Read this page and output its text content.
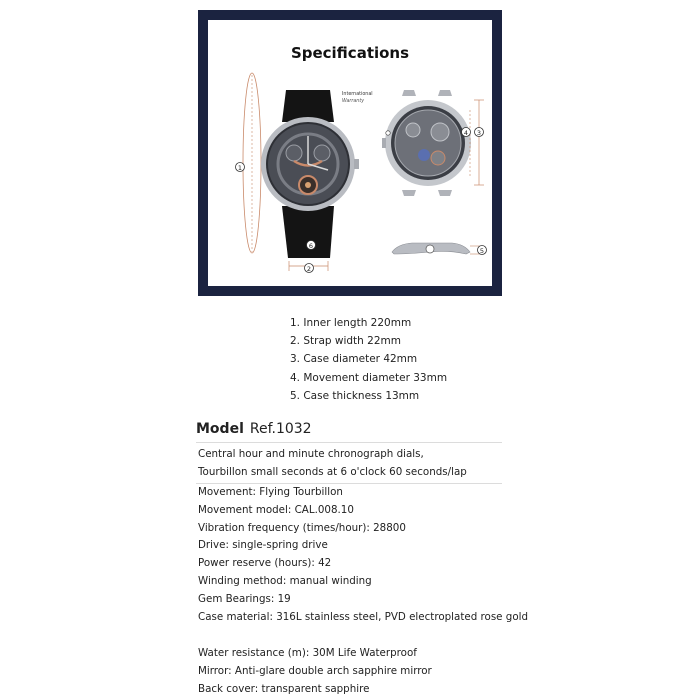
Specifications
1
6
2
International
Warranty
3
4
5
1. Inner length 220mm
2. Strap width 22mm
3. Case diameter 42mm
4. Movement diameter 33mm
5. Case thickness 13mm
Model Ref.1032
Central hour and minute chronograph dials,
Tourbillon small seconds at 6 o'clock 60 seconds/lap
Movement: Flying Tourbillon
Movement model: CAL.008.10
Vibration frequency (times/hour): 28800
Drive: single-spring drive
Power reserve (hours): 42
Winding method: manual winding
Gem Bearings: 19
Case material: 316L stainless steel, PVD electroplated rose gold
Water resistance (m): 30M Life Waterproof
Mirror: Anti-glare double arch sapphire mirror
Back cover: transparent sapphire
